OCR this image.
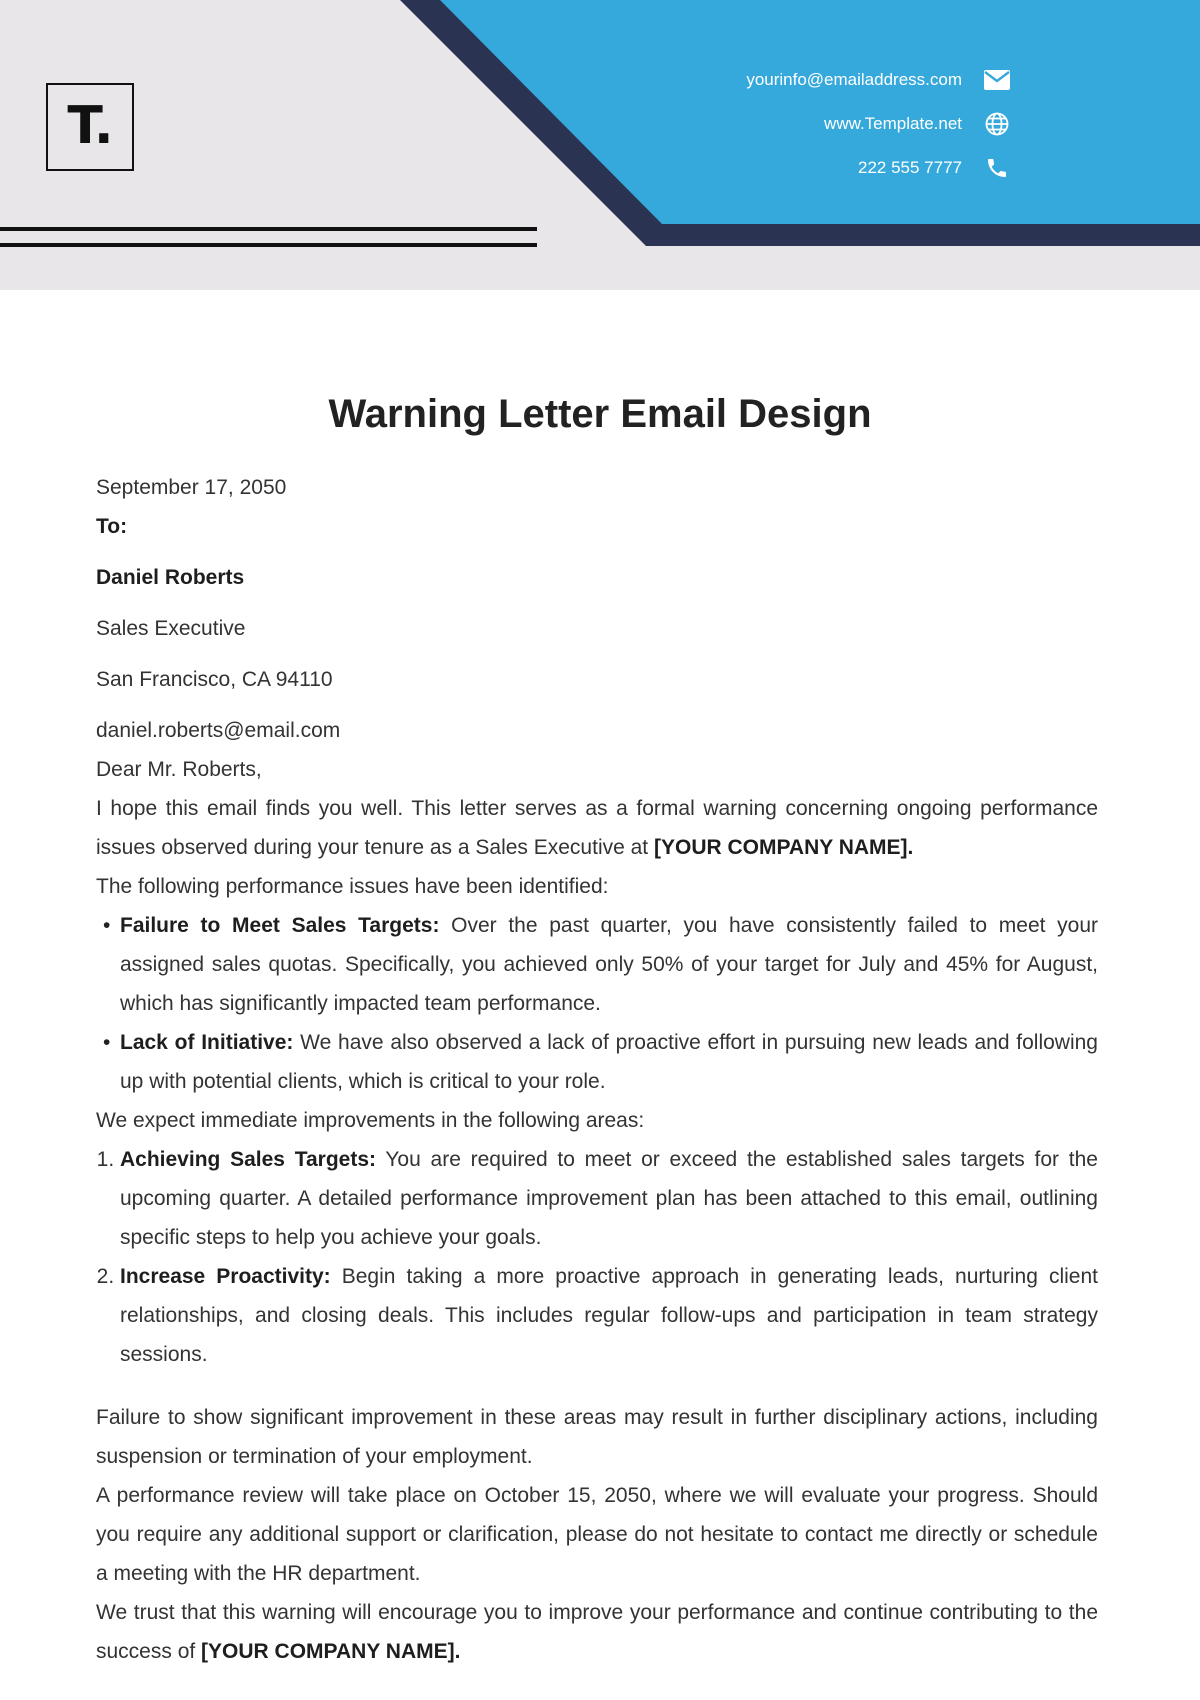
T.
yourinfo@emailaddress.com
www.Template.net
222 555 7777
Warning Letter Email Design

September 17, 2050

To:

Daniel Roberts

Sales Executive

San Francisco, CA 94110

daniel.roberts@email.com

Dear Mr. Roberts,

I hope this email finds you well. This letter serves as a formal warning concerning ongoing performance issues observed during your tenure as a Sales Executive at [YOUR COMPANY NAME].

The following performance issues have been identified:

• Failure to Meet Sales Targets: Over the past quarter, you have consistently failed to meet your assigned sales quotas. Specifically, you achieved only 50% of your target for July and 45% for August, which has significantly impacted team performance.
• Lack of Initiative: We have also observed a lack of proactive effort in pursuing new leads and following up with potential clients, which is critical to your role.

We expect immediate improvements in the following areas:

1. Achieving Sales Targets: You are required to meet or exceed the established sales targets for the upcoming quarter. A detailed performance improvement plan has been attached to this email, outlining specific steps to help you achieve your goals.
2. Increase Proactivity: Begin taking a more proactive approach in generating leads, nurturing client relationships, and closing deals. This includes regular follow-ups and participation in team strategy sessions.

Failure to show significant improvement in these areas may result in further disciplinary actions, including suspension or termination of your employment.

A performance review will take place on October 15, 2050, where we will evaluate your progress. Should you require any additional support or clarification, please do not hesitate to contact me directly or schedule a meeting with the HR department.

We trust that this warning will encourage you to improve your performance and continue contributing to the success of [YOUR COMPANY NAME].
